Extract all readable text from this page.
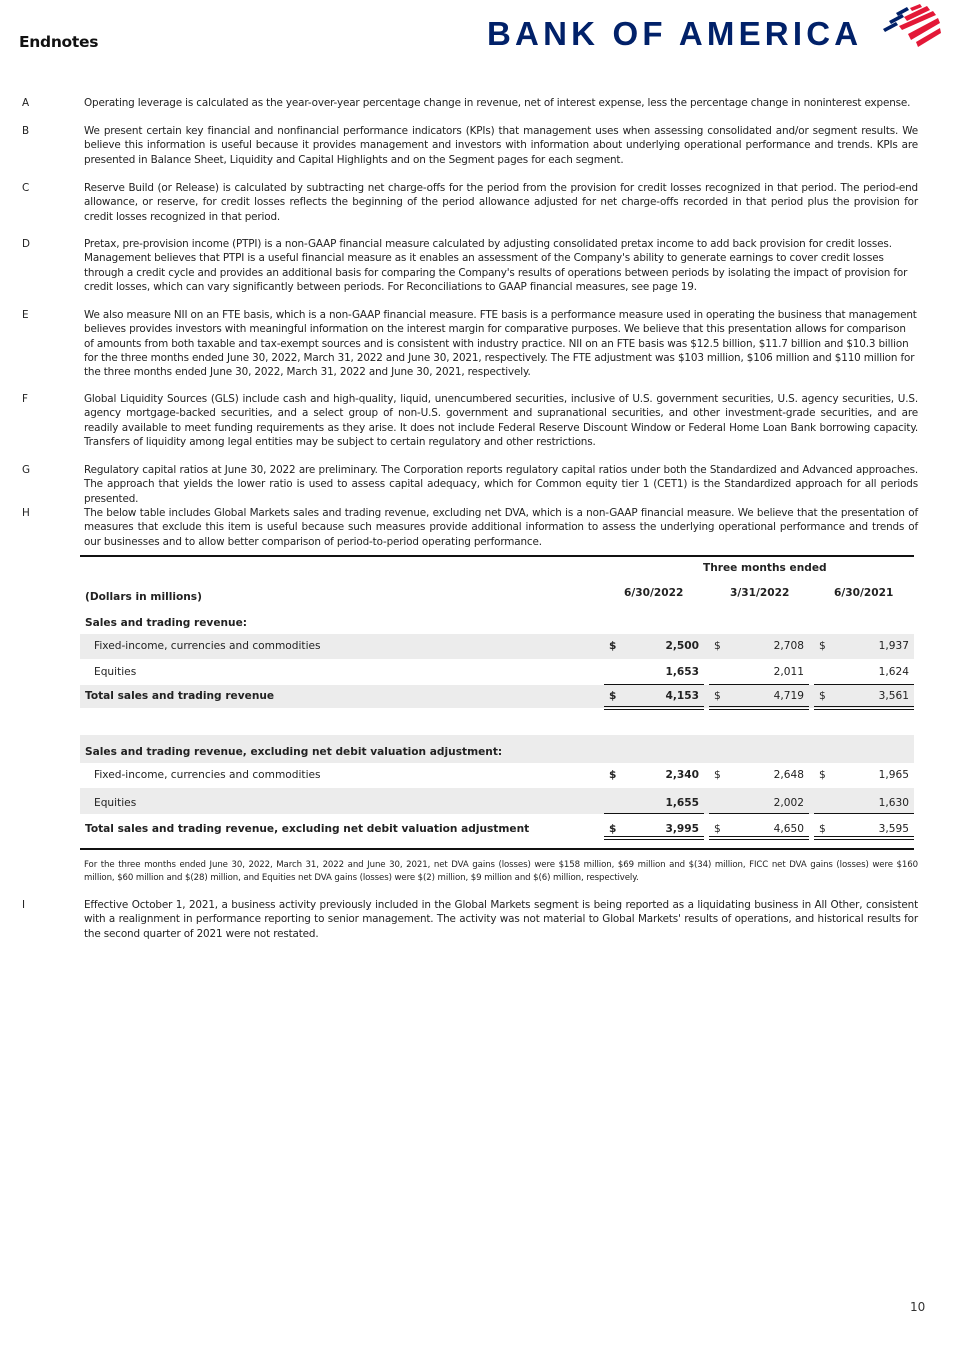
Endnotes	BANK OF AMERICA
A	Operating leverage is calculated as the year-over-year percentage change in revenue, net of interest expense, less the percentage change in noninterest expense.
B	We present certain key financial and nonfinancial performance indicators (KPIs) that management uses when assessing consolidated and/or segment results. We believe this information is useful because it provides management and investors with information about underlying operational performance and trends. KPIs are presented in Balance Sheet, Liquidity and Capital Highlights and on the Segment pages for each segment.
C	Reserve Build (or Release) is calculated by subtracting net charge-offs for the period from the provision for credit losses recognized in that period. The period-end allowance, or reserve, for credit losses reflects the beginning of the period allowance adjusted for net charge-offs recorded in that period plus the provision for credit losses recognized in that period.
D	Pretax, pre-provision income (PTPI) is a non-GAAP financial measure calculated by adjusting consolidated pretax income to add back provision for credit losses. Management believes that PTPI is a useful financial measure as it enables an assessment of the Company's ability to generate earnings to cover credit losses through a credit cycle and provides an additional basis for comparing the Company's results of operations between periods by isolating the impact of provision for credit losses, which can vary significantly between periods. For Reconciliations to GAAP financial measures, see page 19.
E	We also measure NII on an FTE basis, which is a non-GAAP financial measure. FTE basis is a performance measure used in operating the business that management believes provides investors with meaningful information on the interest margin for comparative purposes. We believe that this presentation allows for comparison of amounts from both taxable and tax-exempt sources and is consistent with industry practice. NII on an FTE basis was $12.5 billion, $11.7 billion and $10.3 billion for the three months ended June 30, 2022, March 31, 2022 and June 30, 2021, respectively. The FTE adjustment was $103 million, $106 million and $110 million for the three months ended June 30, 2022, March 31, 2022 and June 30, 2021, respectively.
F	Global Liquidity Sources (GLS) include cash and high-quality, liquid, unencumbered securities, inclusive of U.S. government securities, U.S. agency securities, U.S. agency mortgage-backed securities, and a select group of non-U.S. government and supranational securities, and other investment-grade securities, and are readily available to meet funding requirements as they arise. It does not include Federal Reserve Discount Window or Federal Home Loan Bank borrowing capacity. Transfers of liquidity among legal entities may be subject to certain regulatory and other restrictions.
G	Regulatory capital ratios at June 30, 2022 are preliminary. The Corporation reports regulatory capital ratios under both the Standardized and Advanced approaches. The approach that yields the lower ratio is used to assess capital adequacy, which for Common equity tier 1 (CET1) is the Standardized approach for all periods presented.
H	The below table includes Global Markets sales and trading revenue, excluding net DVA, which is a non-GAAP financial measure. We believe that the presentation of measures that exclude this item is useful because such measures provide additional information to assess the underlying operational performance and trends of our businesses and to allow better comparison of period-to-period operating performance.
Three months ended
(Dollars in millions)	6/30/2022	3/31/2022	6/30/2021
Sales and trading revenue:
Fixed-income, currencies and commodities	$	2,500 $	2,708 $	1,937
Equities	1,653	2,011	1,624
Total sales and trading revenue	$	4,153 $	4,719 $	3,561
Sales and trading revenue, excluding net debit valuation adjustment:
Fixed-income, currencies and commodities	$	2,340 $	2,648 $	1,965
Equities	1,655	2,002	1,630
Total sales and trading revenue, excluding net debit valuation adjustment	$	3,995 $	4,650 $	3,595
For the three months ended June 30, 2022, March 31, 2022 and June 30, 2021, net DVA gains (losses) were $158 million, $69 million and $(34) million, FICC net DVA gains (losses) were $160 million, $60 million and $(28) million, and Equities net DVA gains (losses) were $(2) million, $9 million and $(6) million, respectively.
I	Effective October 1, 2021, a business activity previously included in the Global Markets segment is being reported as a liquidating business in All Other, consistent with a realignment in performance reporting to senior management. The activity was not material to Global Markets' results of operations, and historical results for the second quarter of 2021 were not restated.
10
